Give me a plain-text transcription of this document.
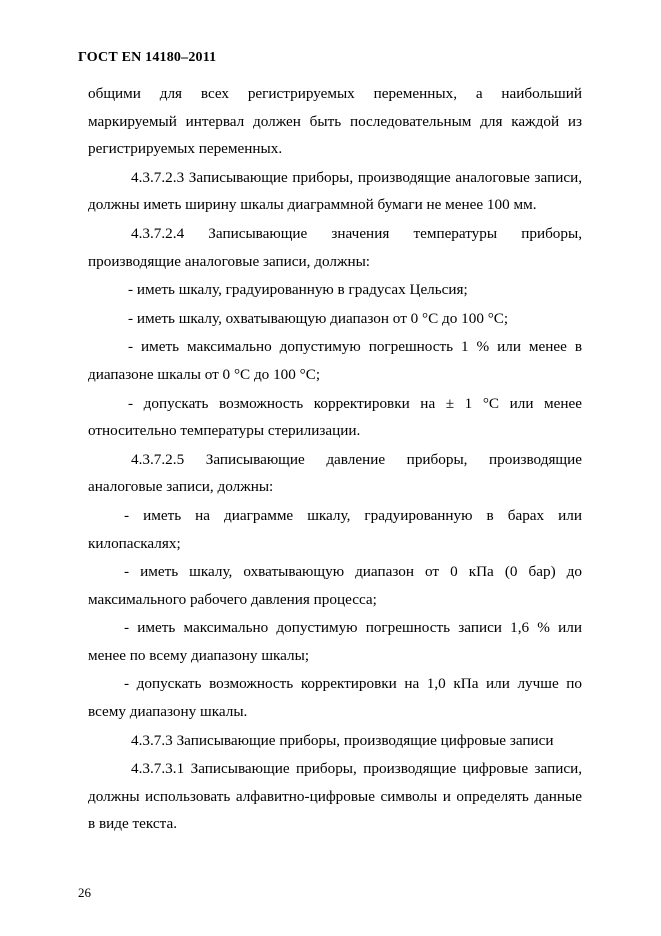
ГОСТ EN 14180–2011

общими для всех регистрируемых переменных, а наибольший маркируемый интервал должен быть последовательным для каждой из регистрируемых переменных.

4.3.7.2.3 Записывающие приборы, производящие аналоговые записи, должны иметь ширину шкалы диаграммной бумаги не менее 100 мм.

4.3.7.2.4 Записывающие значения температуры приборы, производящие аналоговые записи, должны:

- иметь шкалу, градуированную в градусах Цельсия;

- иметь шкалу, охватывающую диапазон от 0 °С до 100 °С;

- иметь максимально допустимую погрешность 1 % или менее в диапазоне шкалы от 0 °С до 100 °С;

- допускать возможность корректировки на ± 1 °С или менее относительно температуры стерилизации.

4.3.7.2.5 Записывающие давление приборы, производящие аналоговые записи, должны:

- иметь на диаграмме шкалу, градуированную в барах или килопаскалях;

- иметь шкалу, охватывающую диапазон от 0 кПа (0 бар) до максимального рабочего давления процесса;

- иметь максимально допустимую погрешность записи 1,6 % или менее по всему диапазону шкалы;

- допускать возможность корректировки на 1,0 кПа или лучше по всему диапазону шкалы.

4.3.7.3 Записывающие приборы, производящие цифровые записи

4.3.7.3.1 Записывающие приборы, производящие цифровые записи, должны использовать алфавитно-цифровые символы и определять данные в виде текста.

26
